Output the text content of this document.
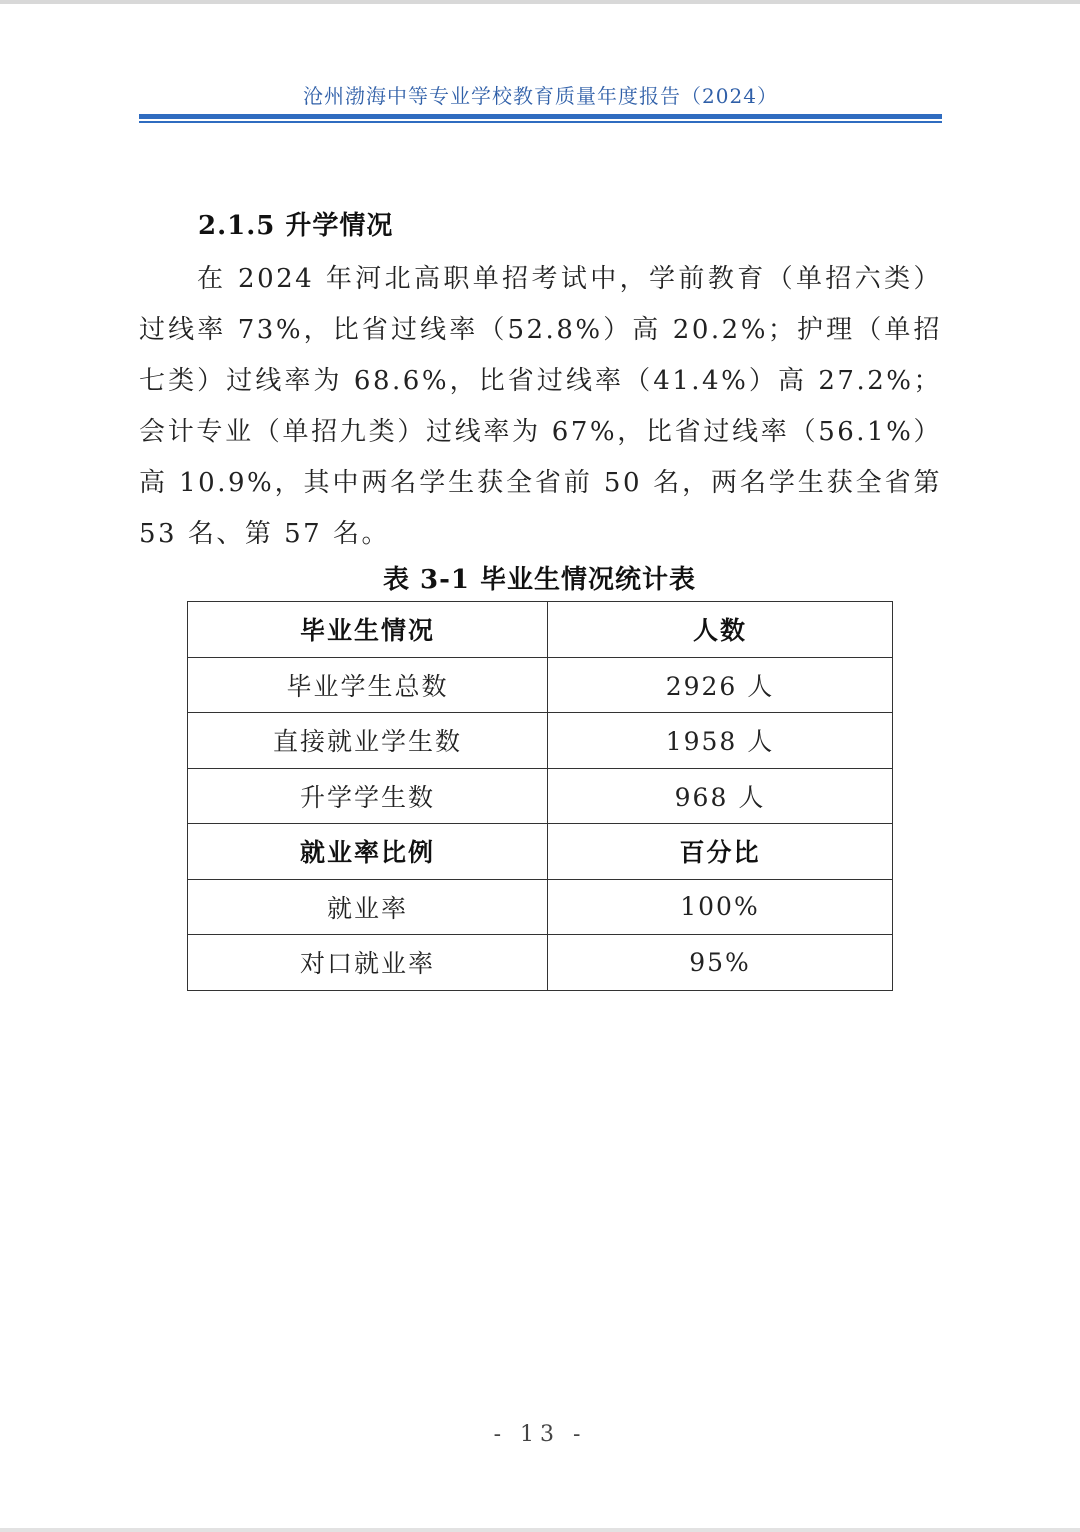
沧州渤海中等专业学校教育质量年度报告（2024）
2.1.5 升学情况

在 2024 年河北高职单招考试中，学前教育（单招六类）过线率 73%，比省过线率（52.8%）高 20.2%；护理（单招七类）过线率为 68.6%，比省过线率（41.4%）高 27.2%；会计专业（单招九类）过线率为 67%，比省过线率（56.1%）高 10.9%，其中两名学生获全省前 50 名，两名学生获全省第 53 名、第 57 名。

表 3-1 毕业生情况统计表
毕业生情况	人数
毕业学生总数	2926 人
直接就业学生数	1958 人
升学学生数	968 人
就业率比例	百分比
就业率	100%
对口就业率	95%
- 13 -
